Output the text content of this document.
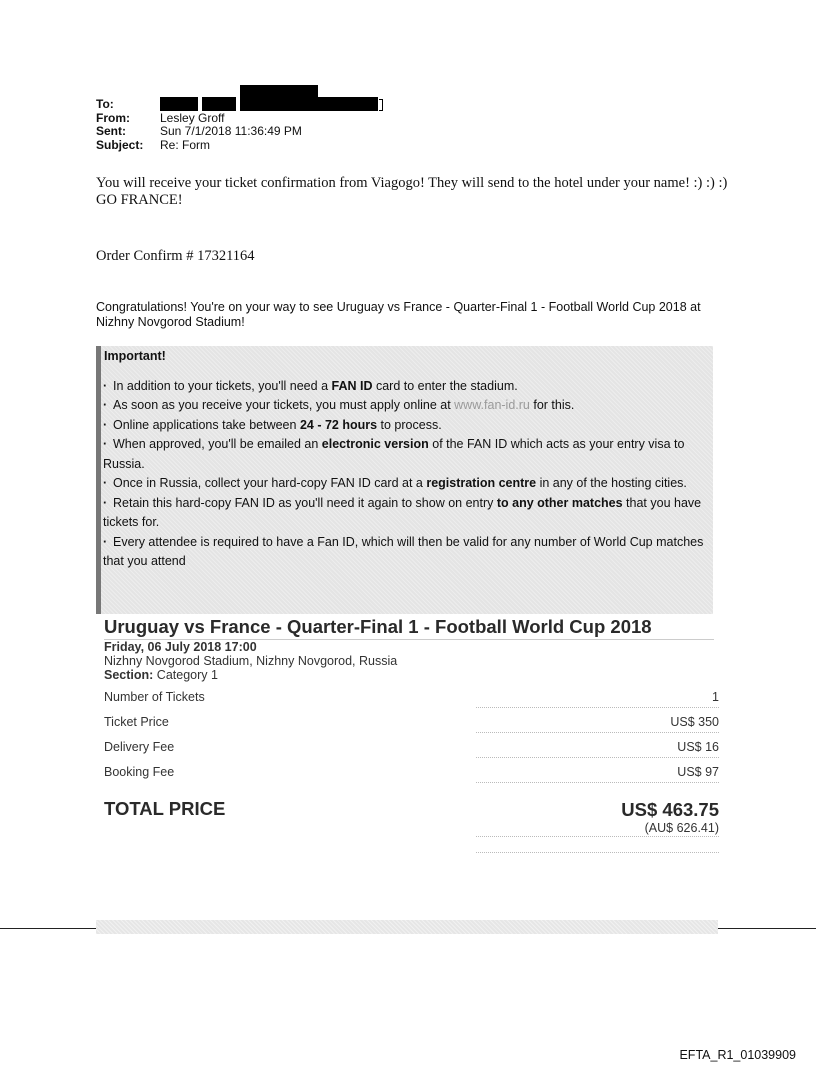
To:
From:	Lesley Groff
Sent:	Sun 7/1/2018 11:36:49 PM
Subject:	Re: Form
You will receive your ticket confirmation from Viagogo! They will send to the hotel under your name! :) :) :)
GO FRANCE!
Order Confirm # 17321164
Congratulations! You're on your way to see Uruguay vs France - Quarter-Final 1 - Football World Cup 2018 at Nizhny Novgorod Stadium!
Important!
· In addition to your tickets, you'll need a FAN ID card to enter the stadium.
· As soon as you receive your tickets, you must apply online at www.fan-id.ru for this.
· Online applications take between 24 - 72 hours to process.
· When approved, you'll be emailed an electronic version of the FAN ID which acts as your entry visa to Russia.
· Once in Russia, collect your hard-copy FAN ID card at a registration centre in any of the hosting cities.
· Retain this hard-copy FAN ID as you'll need it again to show on entry to any other matches that you have tickets for.
· Every attendee is required to have a Fan ID, which will then be valid for any number of World Cup matches that you attend
Uruguay vs France - Quarter-Final 1 - Football World Cup 2018
Friday, 06 July 2018 17:00
Nizhny Novgorod Stadium, Nizhny Novgorod, Russia
Section: Category 1
Number of Tickets	1
Ticket Price	US$ 350
Delivery Fee	US$ 16
Booking Fee	US$ 97
TOTAL PRICE	US$ 463.75
(AU$ 626.41)
EFTA_R1_01039909
